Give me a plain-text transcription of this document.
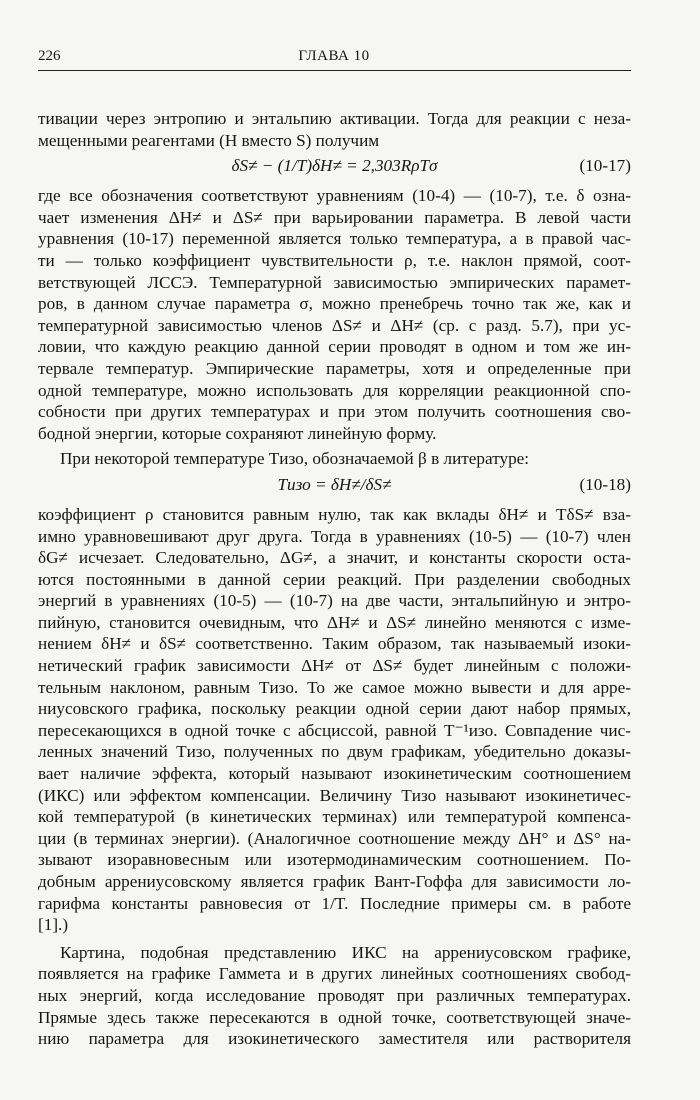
226	ГЛАВА 10
тивации через энтропию и энтальпию активации. Тогда для реакции с неза-
мещенными реагентами (H вместо S) получим
δS≠ − (1/T)δH≠ = 2,303RρTσ	(10-17)
где все обозначения соответствуют уравнениям (10-4) — (10-7), т.е. δ озна-
чает изменения ΔH≠ и ΔS≠ при варьировании параметра. В левой части
уравнения (10-17) переменной является только температура, а в правой час-
ти — только коэффициент чувствительности ρ, т.е. наклон прямой, соот-
ветствующей ЛССЭ. Температурной зависимостью эмпирических парамет-
ров, в данном случае параметра σ, можно пренебречь точно так же, как и
температурной зависимостью членов ΔS≠ и ΔH≠ (ср. с разд. 5.7), при ус-
ловии, что каждую реакцию данной серии проводят в одном и том же ин-
тервале температур. Эмпирические параметры, хотя и определенные при
одной температуре, можно использовать для корреляции реакционной спо-
собности при других температурах и при этом получить соотношения сво-
бодной энергии, которые сохраняют линейную форму.
При некоторой температуре Tизо, обозначаемой β в литературе:
Tизо = δH≠/δS≠	(10-18)
коэффициент ρ становится равным нулю, так как вклады δH≠ и TδS≠ вза-
имно уравновешивают друг друга. Тогда в уравнениях (10-5) — (10-7) член
δG≠ исчезает. Следовательно, ΔG≠, а значит, и константы скорости оста-
ются постоянными в данной серии реакций. При разделении свободных
энергий в уравнениях (10-5) — (10-7) на две части, энтальпийную и энтро-
пийную, становится очевидным, что ΔH≠ и ΔS≠ линейно меняются с изме-
нением δH≠ и δS≠ соответственно. Таким образом, так называемый изоки-
нетический график зависимости ΔH≠ от ΔS≠ будет линейным с положи-
тельным наклоном, равным Tизо. То же самое можно вывести и для арре-
ниусовского графика, поскольку реакции одной серии дают набор прямых,
пересекающихся в одной точке с абсциссой, равной T⁻¹изо. Совпадение чис-
ленных значений Tизо, полученных по двум графикам, убедительно доказы-
вает наличие эффекта, который называют изокинетическим соотношением
(ИКС) или эффектом компенсации. Величину Tизо называют изокинетичес-
кой температурой (в кинетических терминах) или температурой компенса-
ции (в терминах энергии). (Аналогичное соотношение между ΔH° и ΔS° на-
зывают изоравновесным или изотермодинамическим соотношением. По-
добным аррениусовскому является график Вант-Гоффа для зависимости ло-
гарифма константы равновесия от 1/T. Последние примеры см. в работе
[1].)
Картина, подобная представлению ИКС на аррениусовском графике,
появляется на графике Гаммета и в других линейных соотношениях свобод-
ных энергий, когда исследование проводят при различных температурах.
Прямые здесь также пересекаются в одной точке, соответствующей значе-
нию параметра для изокинетического заместителя или растворителя
